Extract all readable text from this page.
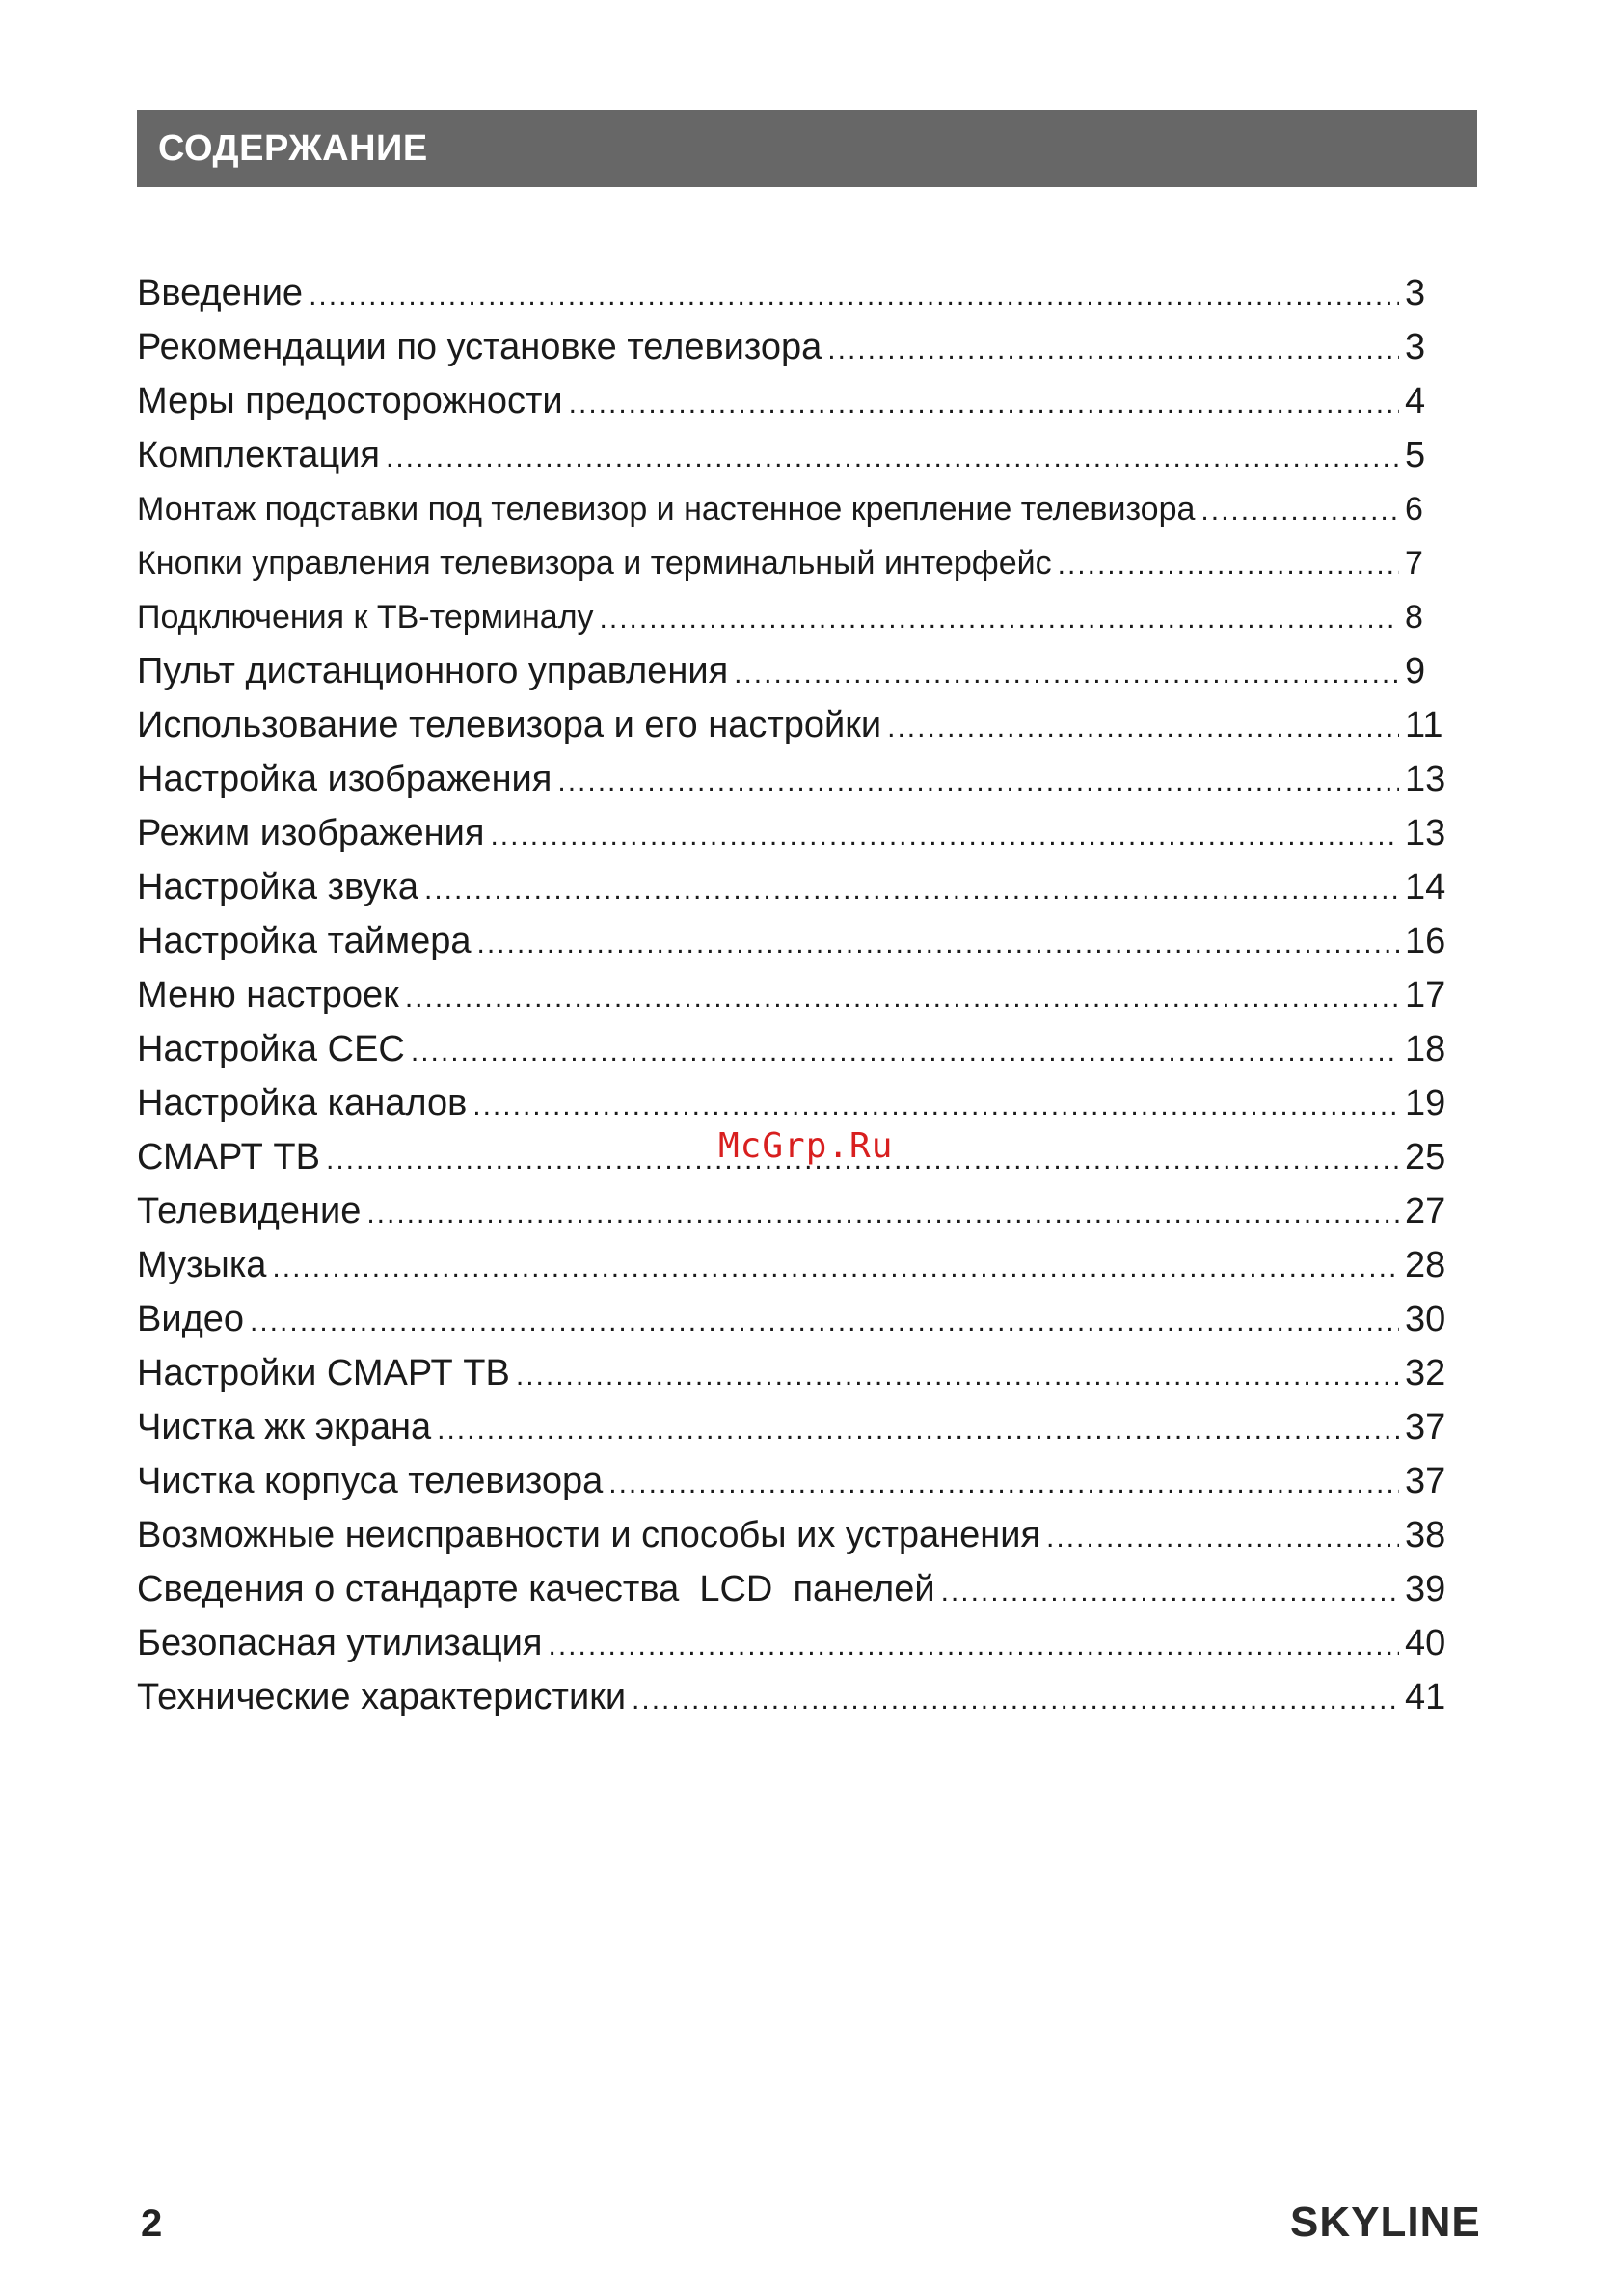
СОДЕРЖАНИЕ
Введение .....	3
Рекомендации по установке телевизора .....	3
Меры предосторожности .....	4
Комплектация .....	5
Монтаж подставки под телевизор и настенное крепление телевизора .....	6
Кнопки управления телевизора и терминальный интерфейс .....	7
Подключения к ТВ-терминалу .....	8
Пульт дистанционного управления .....	9
Использование телевизора и его настройки .....	11
Настройка изображения .....	13
Режим изображения .....	13
Настройка звука .....	14
Настройка таймера .....	16
Меню настроек .....	17
Настройка CEC .....	18
Настройка каналов .....	19
СМАРТ ТВ .....	25
Телевидение .....	27
Музыка .....	28
Видео .....	30
Настройки СМАРТ ТВ .....	32
Чистка жк экрана .....	37
Чистка корпуса телевизора .....	37
Возможные неисправности и способы их устранения .....	38
Сведения о стандарте качества  LCD  панелей .....	39
Безопасная утилизация .....	40
Технические характеристики .....	41
McGrp.Ru
2	SKYLINE
